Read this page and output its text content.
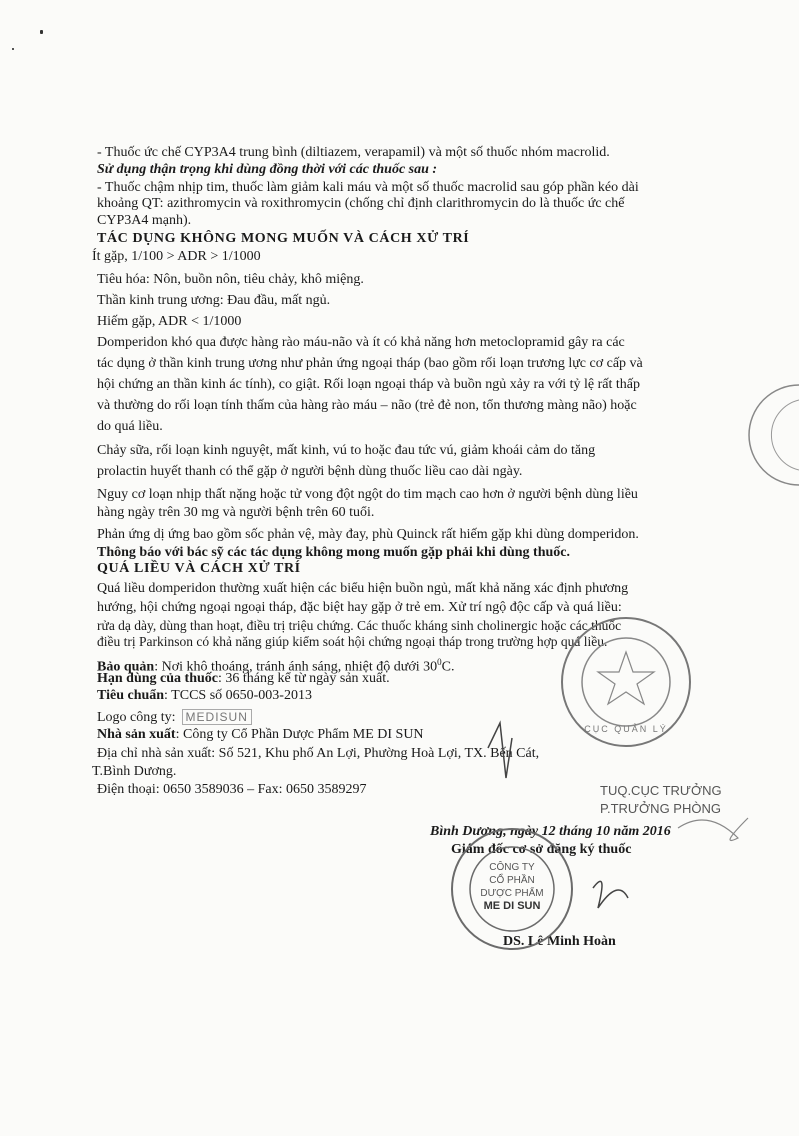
- Thuốc ức chế CYP3A4 trung bình (diltiazem, verapamil) và một số thuốc nhóm macrolid.
Sử dụng thận trọng khi dùng đồng thời với các thuốc sau :
- Thuốc chậm nhịp tim, thuốc làm giảm kali máu và một số thuốc macrolid sau góp phần kéo dài
khoảng QT: azithromycin và roxithromycin (chống chỉ định clarithromycin do là thuốc ức chế
CYP3A4 mạnh).
TÁC DỤNG KHÔNG MONG MUỐN VÀ CÁCH XỬ TRÍ
Ít gặp, 1/100 > ADR > 1/1000
Tiêu hóa: Nôn, buồn nôn, tiêu chảy, khô miệng.
Thần kinh trung ương: Đau đầu, mất ngủ.
Hiếm gặp, ADR < 1/1000
Domperidon khó qua được hàng rào máu-não và ít có khả năng hơn metoclopramid gây ra các
tác dụng ở thần kinh trung ương như phản ứng ngoại tháp (bao gồm rối loạn trương lực cơ cấp và
hội chứng an thần kinh ác tính), co giật. Rối loạn ngoại tháp và buồn ngủ xảy ra với tỷ lệ rất thấp
và thường do rối loạn tính thấm của hàng rào máu – não (trẻ đẻ non, tổn thương màng não) hoặc
do quá liều.
Chảy sữa, rối loạn kinh nguyệt, mất kinh, vú to hoặc đau tức vú, giảm khoái cảm do tăng
prolactin huyết thanh có thể gặp ở người bệnh dùng thuốc liều cao dài ngày.
Nguy cơ loạn nhịp thất nặng hoặc tử vong đột ngột do tim mạch cao hơn ở người bệnh dùng liều
hàng ngày trên 30 mg và người bệnh trên 60 tuổi.
Phản ứng dị ứng bao gồm sốc phản vệ, mày đay, phù Quinck rất hiếm gặp khi dùng domperidon.
Thông báo với bác sỹ các tác dụng không mong muốn gặp phải khi dùng thuốc.
QUÁ LIỀU VÀ CÁCH XỬ TRÍ
Quá liều domperidon thường xuất hiện các biểu hiện buồn ngủ, mất khả năng xác định phương
hướng, hội chứng ngoại ngoại tháp, đặc biệt hay gặp ở trẻ em. Xử trí ngộ độc cấp và quá liều:
rửa dạ dày, dùng than hoạt, điều trị triệu chứng. Các thuốc kháng sinh cholinergic hoặc các thuốc
điều trị Parkinson có khả năng giúp kiểm soát hội chứng ngoại tháp trong trường hợp quá liều.
Bảo quản: Nơi khô thoáng, tránh ánh sáng, nhiệt độ dưới $30^0C$.
Hạn dùng của thuốc: 36 tháng kể từ ngày sản xuất.
Tiêu chuẩn: TCCS số 0650-003-2013
Logo công ty: MEDISUN
Nhà sản xuất: Công ty Cổ Phần Dược Phẩm ME DI SUN
Địa chỉ nhà sản xuất: Số 521, Khu phố An Lợi, Phường Hoà Lợi, TX. Bến Cát,
T.Bình Dương.
Điện thoại: 0650 3589036 – Fax: 0650 3589297	TUQ.CỤC TRƯỞNG
P.TRƯỞNG PHÒNG
Bình Dương, ngày 12 tháng 10 năm 2016
Giám đốc cơ sở đăng ký thuốc
DS. Lê Minh Hoàn
CÔNG TY
CỔ PHẦN
DƯỢC PHẨM
ME DI SUN
CỤC QUẢN LÝ
